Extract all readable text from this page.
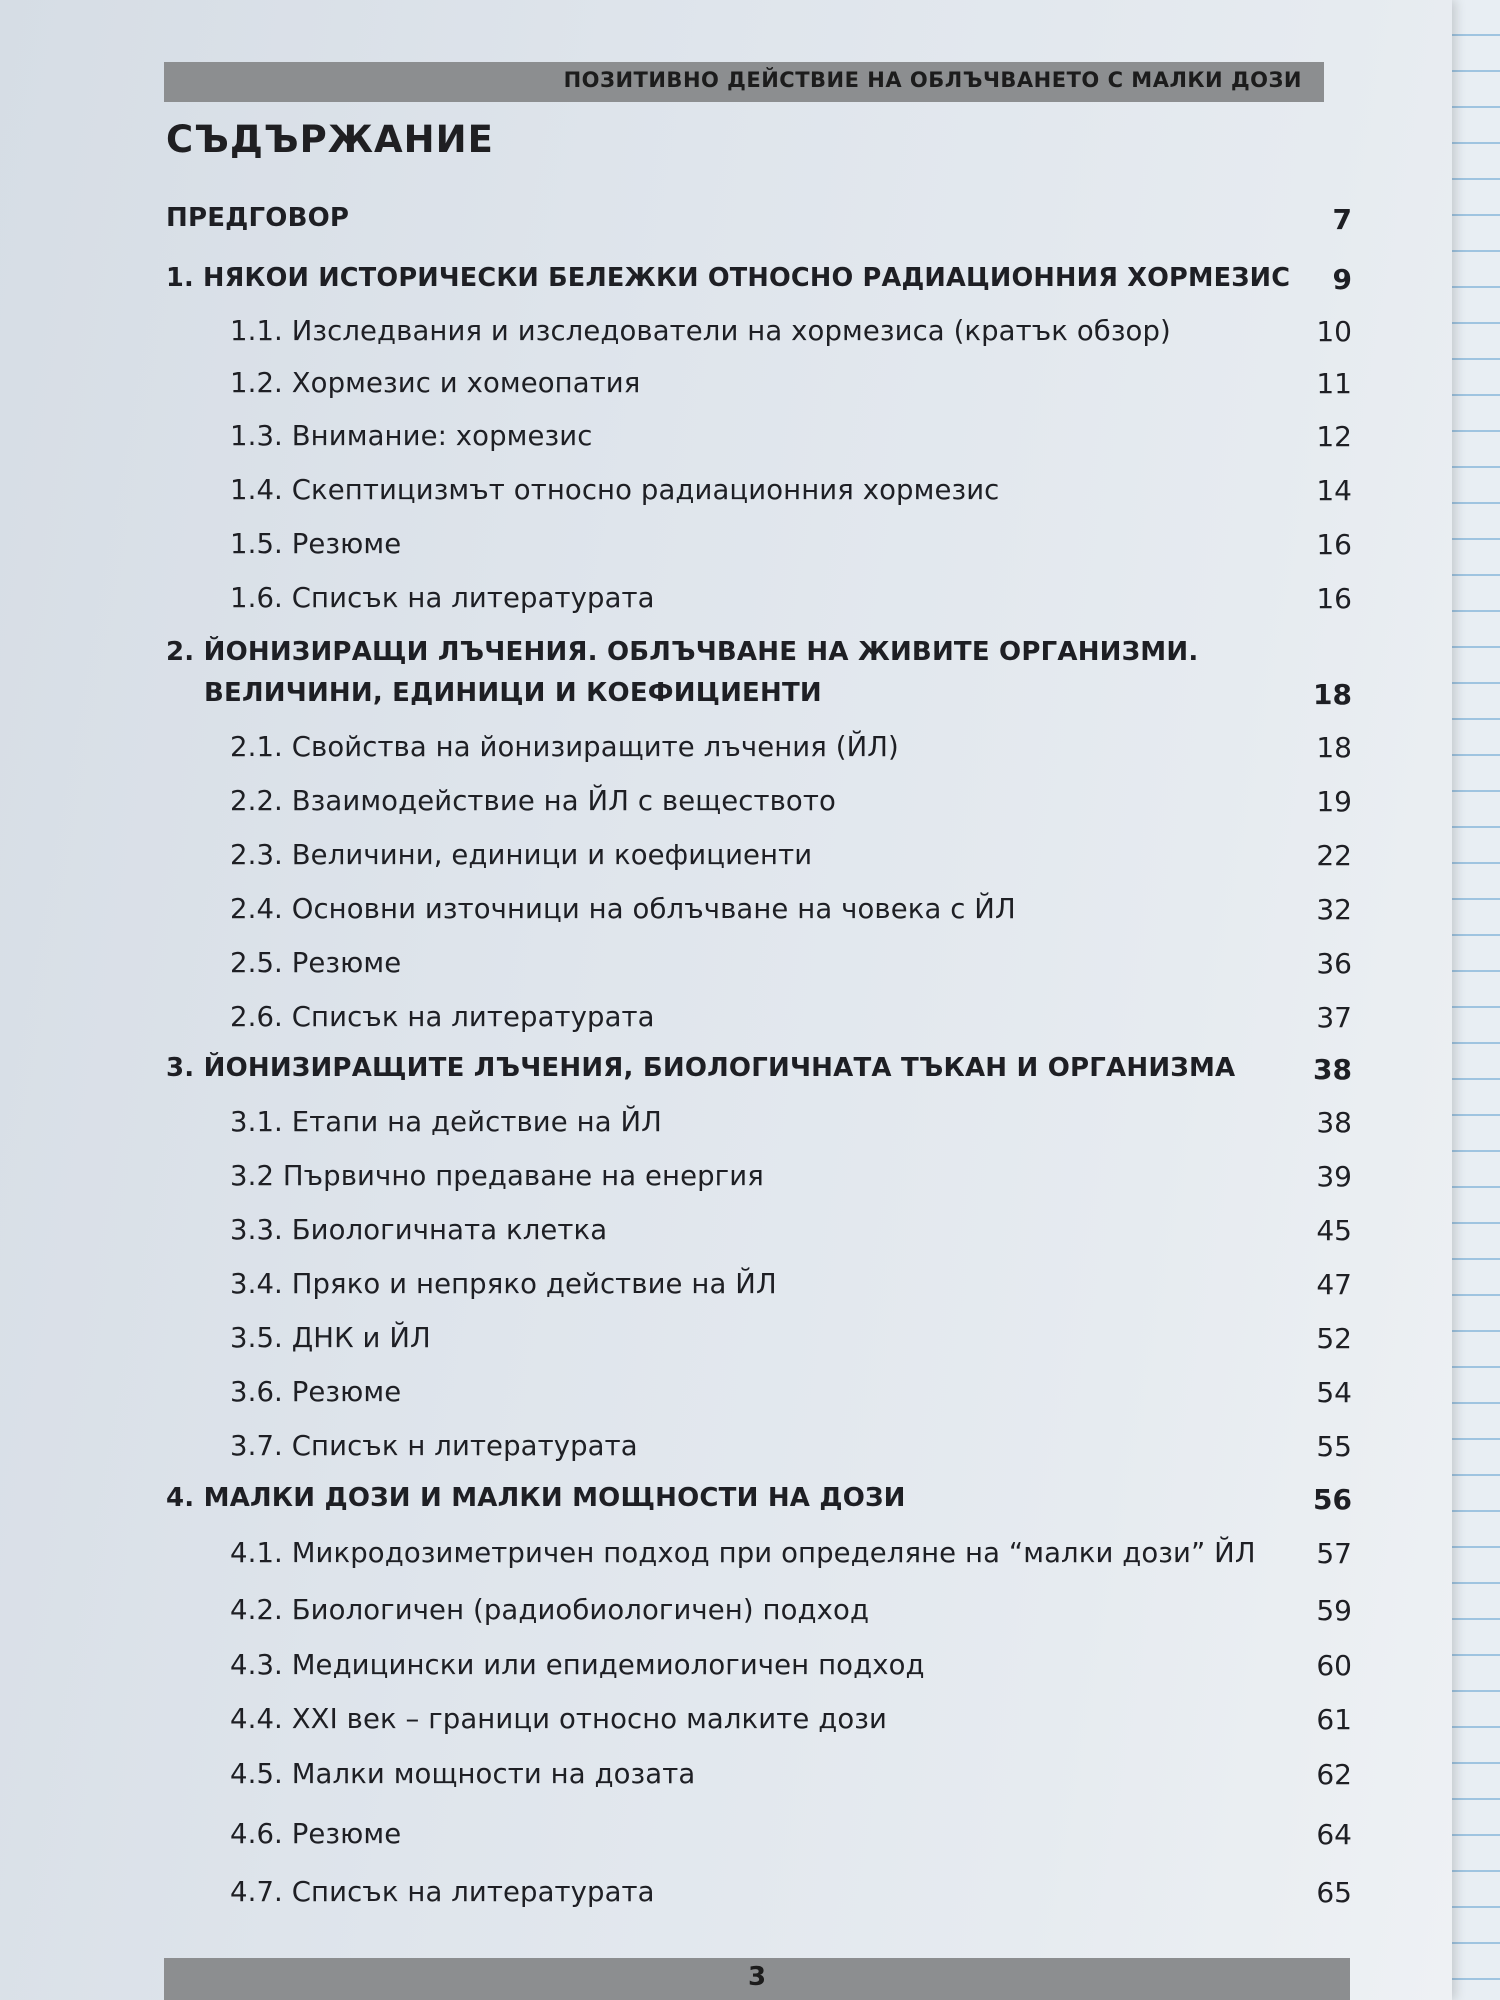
ПОЗИТИВНО ДЕЙСТВИЕ НА ОБЛЪЧВАНЕТО С МАЛКИ ДОЗИ
СЪДЪРЖАНИЕ
ПРЕДГОВОР	7
1. НЯКОИ ИСТОРИЧЕСКИ БЕЛЕЖКИ ОТНОСНО РАДИАЦИОННИЯ ХОРМЕЗИС	9
1.1. Изследвания и изследователи на хормезиса (кратък обзор)	10
1.2. Хормезис и хомеопатия	11
1.3. Внимание: хормезис	12
1.4. Скептицизмът относно радиационния хормезис	14
1.5. Резюме	16
1.6. Списък на литературата	16
2. ЙОНИЗИРАЩИ ЛЪЧЕНИЯ. ОБЛЪЧВАНЕ НА ЖИВИТЕ ОРГАНИЗМИ.
ВЕЛИЧИНИ, ЕДИНИЦИ И КОЕФИЦИЕНТИ	18
2.1. Свойства на йонизиращите лъчения (ЙЛ)	18
2.2. Взаимодействие на ЙЛ с веществото	19
2.3. Величини, единици и коефициенти	22
2.4. Основни източници на облъчване на човека с ЙЛ	32
2.5. Резюме	36
2.6. Списък на литературата	37
3. ЙОНИЗИРАЩИТЕ ЛЪЧЕНИЯ, БИОЛОГИЧНАТА ТЪКАН И ОРГАНИЗМА	38
3.1. Етапи на действие на ЙЛ	38
3.2 Първично предаване на енергия	39
3.3. Биологичната клетка	45
3.4. Пряко и непряко действие на ЙЛ	47
3.5. ДНК и ЙЛ	52
3.6. Резюме	54
3.7. Списък н литературата	55
4. МАЛКИ ДОЗИ И МАЛКИ МОЩНОСТИ НА ДОЗИ	56
4.1. Микродозиметричен подход при определяне на “малки дози” ЙЛ	57
4.2. Биологичен (радиобиологичен) подход	59
4.3. Медицински или епидемиологичен подход	60
4.4. XXI век – граници относно малките дози	61
4.5. Малки мощности на дозата	62
4.6. Резюме	64
4.7. Списък на литературата	65
3
